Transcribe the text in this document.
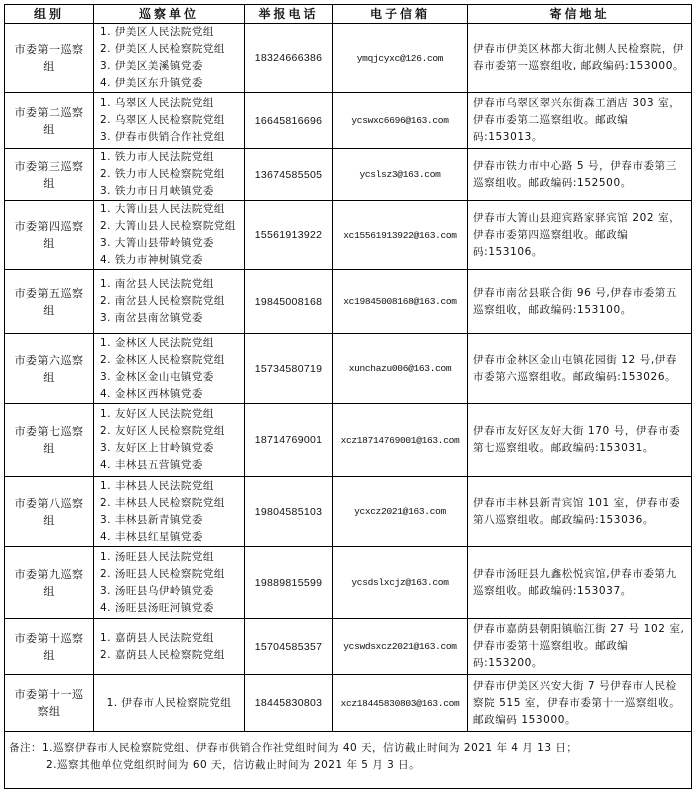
组别	巡察单位	举报电话	电子信箱	寄信地址
市委第一巡察组	1. 伊美区人民法院党组
2. 伊美区人民检察院党组
3. 伊美区美溪镇党委
4. 伊美区东升镇党委	18324666386	ymqjcyxc@126.com	伊春市伊美区林都大街北侧人民检察院，伊春市委第一巡察组收, 邮政编码:153000。

市委第二巡察组	1. 乌翠区人民法院党组
2. 乌翠区人民检察院党组
3. 伊春市供销合作社党组	16645816696	ycswxc6696@163.com	伊春市乌翠区翠兴东街森工酒店 303 室，伊春市委第二巡察组收。邮政编码:153013。

市委第三巡察组	1. 铁力市人民法院党组
2. 铁力市人民检察院党组
3. 铁力市日月峡镇党委	13674585505	ycslsz3@163.com	伊春市铁力市中心路 5 号，伊春市委第三巡察组收。邮政编码:152500。

市委第四巡察组	1. 大箐山县人民法院党组
2. 大箐山县人民检察院党组
3. 大箐山县带岭镇党委
4. 铁力市神树镇党委	15561913922	xc15561913922@163.com	伊春市大箐山县迎宾路家驿宾馆 202 室，伊春市委第四巡察组收。邮政编码:153106。

市委第五巡察组	1. 南岔县人民法院党组
2. 南岔县人民检察院党组
3. 南岔县南岔镇党委	19845008168	xc19845008168@163.com	伊春市南岔县联合街 96 号,伊春市委第五巡察组收，邮政编码:153100。

市委第六巡察组	1. 金林区人民法院党组
2. 金林区人民检察院党组
3. 金林区金山屯镇党委
4. 金林区西林镇党委	15734580719	xunchazu006@163.com	伊春市金林区金山屯镇花园街 12 号,伊春市委第六巡察组收。邮政编码:153026。

市委第七巡察组	1. 友好区人民法院党组
2. 友好区人民检察院党组
3. 友好区上甘岭镇党委
4. 丰林县五营镇党委	18714769001	xcz18714769001@163.com	伊春市友好区友好大街 170 号，伊春市委第七巡察组收。邮政编码:153031。

市委第八巡察组	1. 丰林县人民法院党组
2. 丰林县人民检察院党组
3. 丰林县新青镇党委
4. 丰林县红星镇党委	19804585103	ycxcz2021@163.com	伊春市丰林县新青宾馆 101 室，伊春市委第八巡察组收。邮政编码:153036。

市委第九巡察组	1. 汤旺县人民法院党组
2. 汤旺县人民检察院党组
3. 汤旺县乌伊岭镇党委
4. 汤旺县汤旺河镇党委	19889815599	ycsdslxcjz@163.com	伊春市汤旺县九鑫松悦宾馆,伊春市委第九巡察组收。邮政编码:153037。

市委第十巡察组	1. 嘉荫县人民法院党组
2. 嘉荫县人民检察院党组	15704585357	ycswdsxcz2021@163.com	伊春市嘉荫县朝阳镇临江街 27 号 102 室,伊春市委第十巡察组收。邮政编码:153200。

市委第十一巡察组	1. 伊春市人民检察院党组	18445830803	xcz18445830803@163.com	伊春市伊美区兴安大街 7 号伊春市人民检察院 515 室，伊春市委第十一巡察组收。邮政编码 153000。

备注：1.巡察伊春市人民检察院党组、伊春市供销合作社党组时间为 40 天，信访截止时间为 2021 年 4 月 13 日；
2.巡察其他单位党组织时间为 60 天，信访截止时间为 2021 年 5 月 3 日。				
